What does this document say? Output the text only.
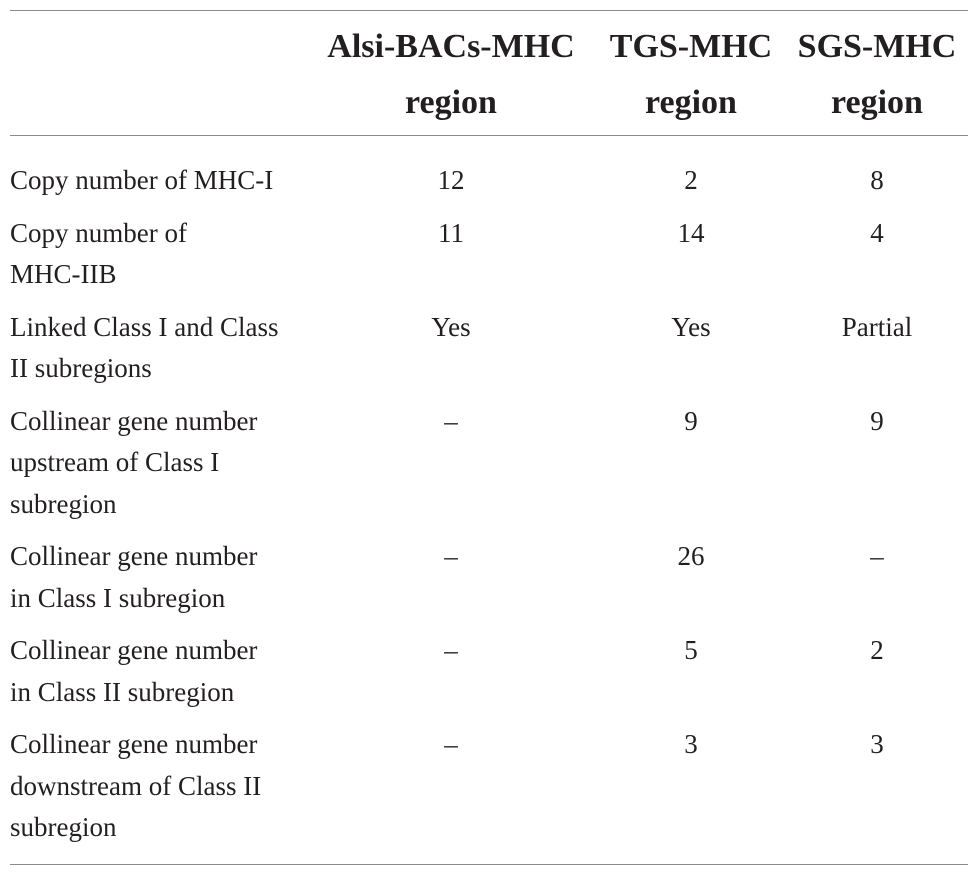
	Alsi-BACs-MHC region	TGS-MHC region	SGS-MHC region
Copy number of MHC-I	12	2	8
Copy number of
MHC-IIB	11	14	4
Linked Class I and Class
II subregions	Yes	Yes	Partial
Collinear gene number
upstream of Class I
subregion	–	9	9
Collinear gene number
in Class I subregion	–	26	–
Collinear gene number
in Class II subregion	–	5	2
Collinear gene number
downstream of Class II
subregion	–	3	3
